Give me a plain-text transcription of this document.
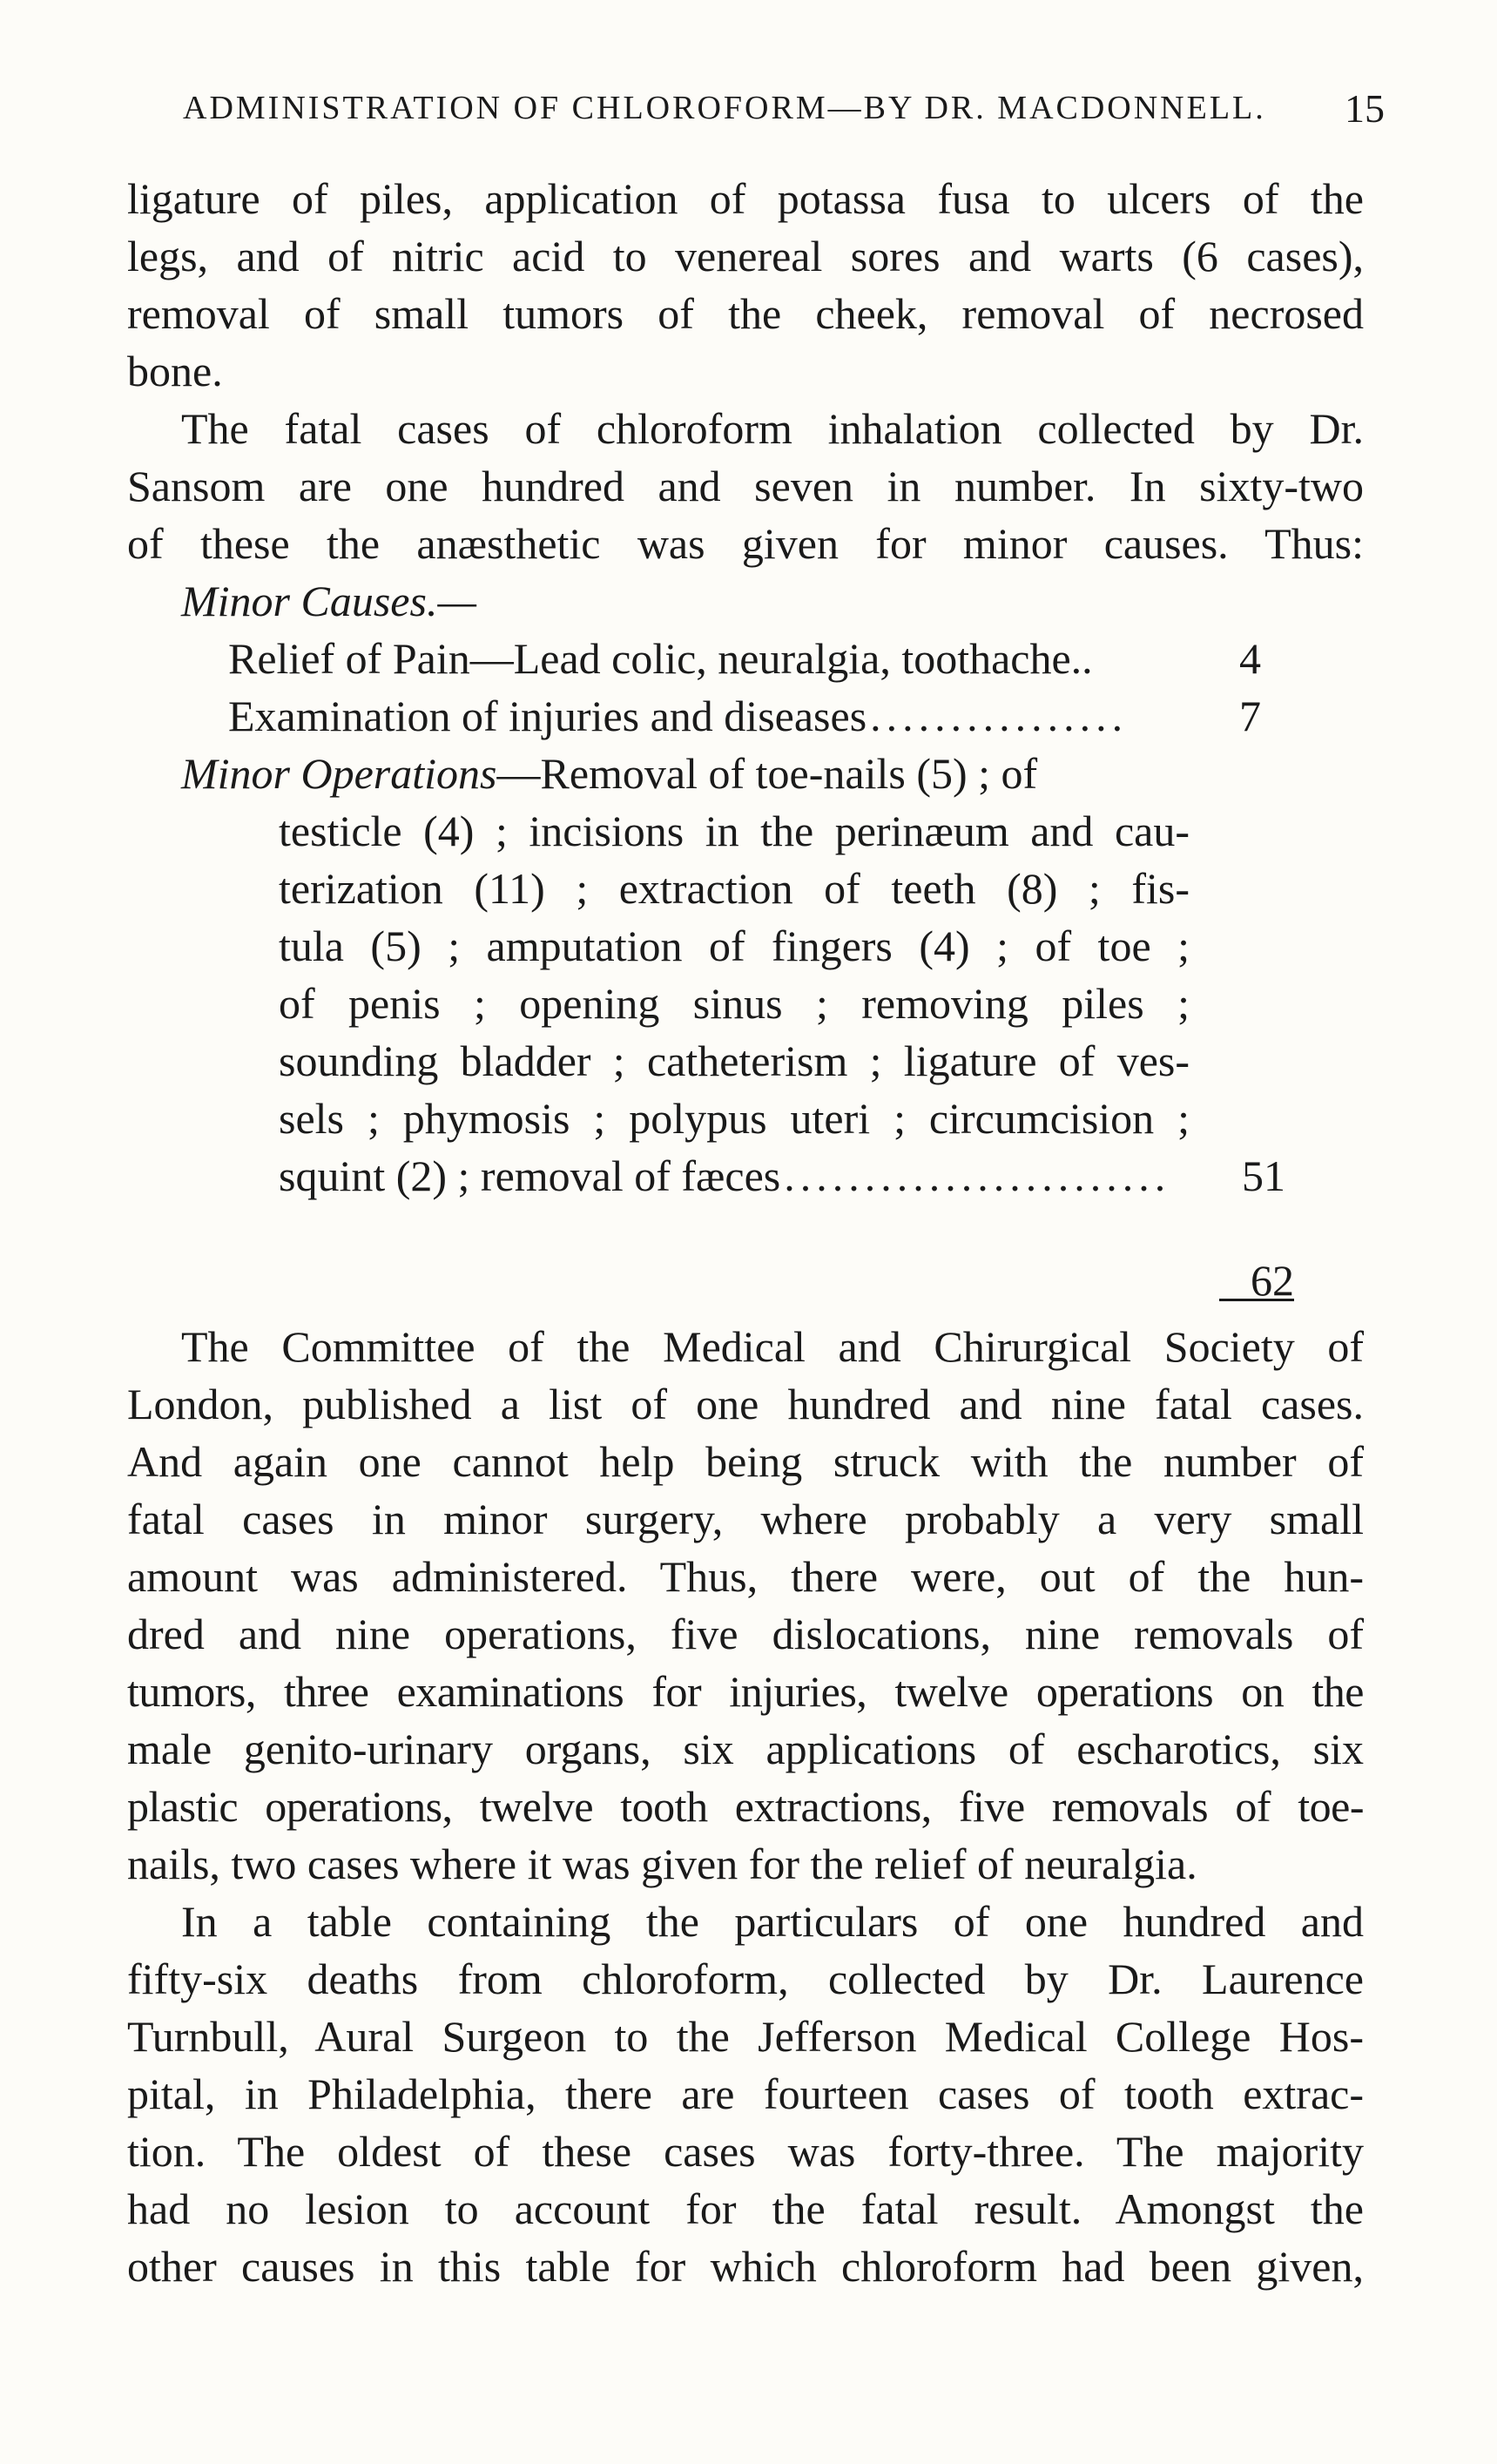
ADMINISTRATION OF CHLOROFORM—BY DR. MACDONNELL. 15
ligature of piles, application of potassa fusa to ulcers of the
legs, and of nitric acid to venereal sores and warts (6 cases),
removal of small tumors of the cheek, removal of necrosed
bone.
The fatal cases of chloroform inhalation collected by Dr.
Sansom are one hundred and seven in number. In sixty-two
of these the anæsthetic was given for minor causes. Thus:
Minor Causes.—
Relief of Pain—Lead colic, neuralgia, toothache..	4
Examination of injuries and diseases ................	7
Minor Operations—Removal of toe-nails (5) ; of
testicle (4) ; incisions in the perinæum and cau-
terization (11) ; extraction of teeth (8) ; fis-
tula (5) ; amputation of fingers (4) ; of toe ;
of penis ; opening sinus ; removing piles ;
sounding bladder ; catheterism ; ligature of ves-
sels ; phymosis ; polypus uteri ; circumcision ;
squint (2) ; removal of fæces ........................	51
62
The Committee of the Medical and Chirurgical Society of
London, published a list of one hundred and nine fatal cases.
And again one cannot help being struck with the number of
fatal cases in minor surgery, where probably a very small
amount was administered. Thus, there were, out of the hun-
dred and nine operations, five dislocations, nine removals of
tumors, three examinations for injuries, twelve operations on the
male genito-urinary organs, six applications of escharotics, six
plastic operations, twelve tooth extractions, five removals of toe-
nails, two cases where it was given for the relief of neuralgia.
In a table containing the particulars of one hundred and
fifty-six deaths from chloroform, collected by Dr. Laurence
Turnbull, Aural Surgeon to the Jefferson Medical College Hos-
pital, in Philadelphia, there are fourteen cases of tooth extrac-
tion. The oldest of these cases was forty-three. The majority
had no lesion to account for the fatal result. Amongst the
other causes in this table for which chloroform had been given,
